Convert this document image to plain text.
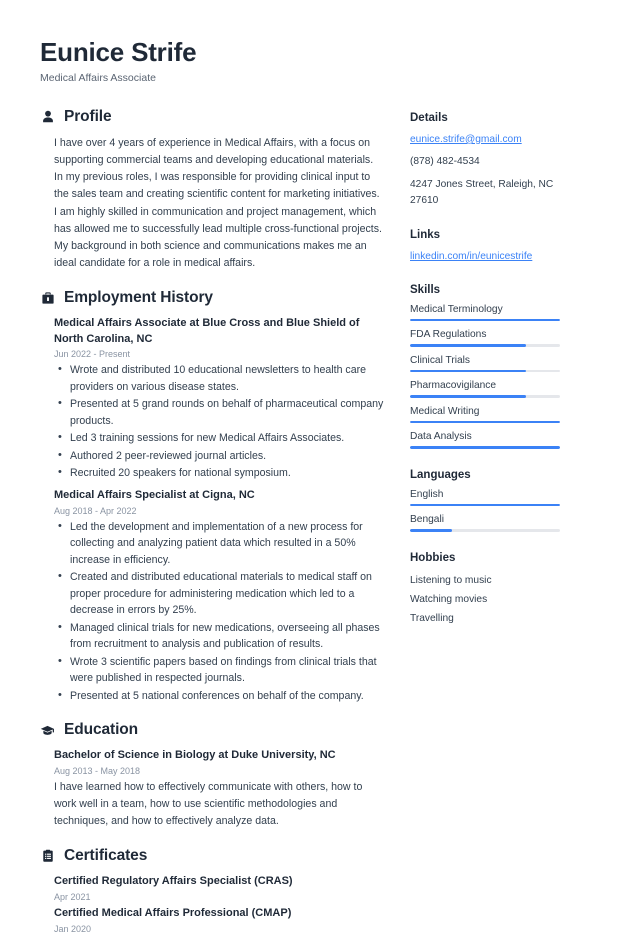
Eunice Strife
Medical Affairs Associate
Profile
I have over 4 years of experience in Medical Affairs, with a focus on supporting commercial teams and developing educational materials. In my previous roles, I was responsible for providing clinical input to the sales team and creating scientific content for marketing initiatives. I am highly skilled in communication and project management, which has allowed me to successfully lead multiple cross-functional projects. My background in both science and communications makes me an ideal candidate for a role in medical affairs.
Employment History
Medical Affairs Associate at Blue Cross and Blue Shield of North Carolina, NC
Jun 2022 - Present
• Wrote and distributed 10 educational newsletters to health care providers on various disease states.
• Presented at 5 grand rounds on behalf of pharmaceutical company products.
• Led 3 training sessions for new Medical Affairs Associates.
• Authored 2 peer-reviewed journal articles.
• Recruited 20 speakers for national symposium.
Medical Affairs Specialist at Cigna, NC
Aug 2018 - Apr 2022
• Led the development and implementation of a new process for collecting and analyzing patient data which resulted in a 50% increase in efficiency.
• Created and distributed educational materials to medical staff on proper procedure for administering medication which led to a decrease in errors by 25%.
• Managed clinical trials for new medications, overseeing all phases from recruitment to analysis and publication of results.
• Wrote 3 scientific papers based on findings from clinical trials that were published in respected journals.
• Presented at 5 national conferences on behalf of the company.
Education
Bachelor of Science in Biology at Duke University, NC
Aug 2013 - May 2018
I have learned how to effectively communicate with others, how to work well in a team, how to use scientific methodologies and techniques, and how to effectively analyze data.
Certificates
Certified Regulatory Affairs Specialist (CRAS)
Apr 2021
Certified Medical Affairs Professional (CMAP)
Jan 2020
Details
eunice.strife@gmail.com
(878) 482-4534
4247 Jones Street, Raleigh, NC 27610
Links
linkedin.com/in/eunicestrife
Skills
Medical Terminology
FDA Regulations
Clinical Trials
Pharmacovigilance
Medical Writing
Data Analysis
Languages
English
Bengali
Hobbies
Listening to music
Watching movies
Travelling
